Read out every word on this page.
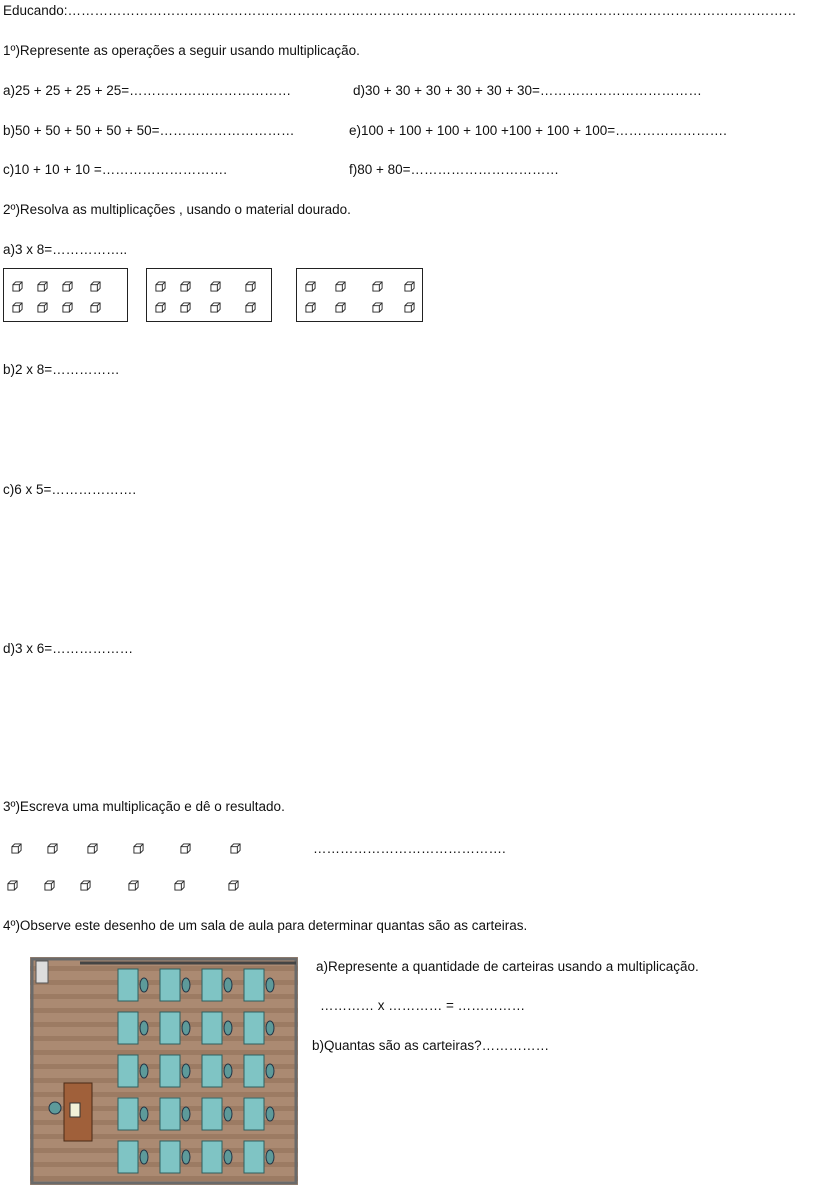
Educando:………………………………………………………………………………………………………………………………………………
1º)Represente as operações a seguir usando multiplicação.
a)25 + 25 + 25 + 25=………………………………	d)30 + 30 + 30 + 30 + 30 + 30=………………………………
b)50 + 50 + 50 + 50 + 50=…………………………	e)100 + 100 + 100 + 100 +100 + 100 + 100=…………………….
c)10 + 10 + 10 =……………………….	f)80 + 80=……………………………
2º)Resolva as multiplicações , usando o material dourado.
a)3 x 8=……………..
b)2 x 8=……………
c)6 x 5=……………….
d)3 x 6=………………
3º)Escreva uma multiplicação e dê o resultado.
…………………………………….
4º)Observe este desenho de um sala de aula para determinar quantas são as carteiras.
a)Represente a quantidade de carteiras usando a multiplicação.
………… x ………… = ……………
b)Quantas são as carteiras?……………
